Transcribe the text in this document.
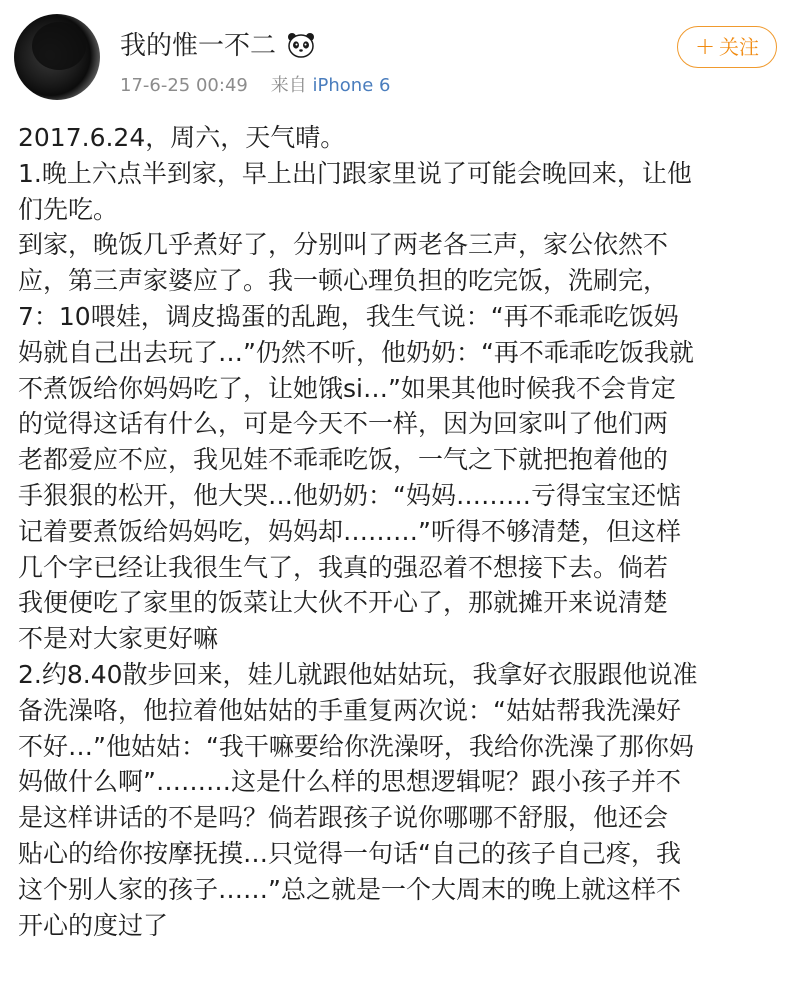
我的惟一不二
17-6-25 00:49 来自 iPhone 6
+ 关注
2017.6.24，周六，天气晴。
1.晚上六点半到家，早上出门跟家里说了可能会晚回来，让他
们先吃。
到家，晚饭几乎煮好了，分别叫了两老各三声，家公依然不
应，第三声家婆应了。我一顿心理负担的吃完饭，洗刷完，
7：10喂娃，调皮捣蛋的乱跑，我生气说：“再不乖乖吃饭妈
妈就自己出去玩了…”仍然不听，他奶奶：“再不乖乖吃饭我就
不煮饭给你妈妈吃了，让她饿si…”如果其他时候我不会肯定
的觉得这话有什么，可是今天不一样，因为回家叫了他们两
老都爱应不应，我见娃不乖乖吃饭，一气之下就把抱着他的
手狠狠的松开，他大哭…他奶奶：“妈妈………亏得宝宝还惦
记着要煮饭给妈妈吃，妈妈却………”听得不够清楚，但这样
几个字已经让我很生气了，我真的强忍着不想接下去。倘若
我便便吃了家里的饭菜让大伙不开心了，那就摊开来说清楚
不是对大家更好嘛
2.约8.40散步回来，娃儿就跟他姑姑玩，我拿好衣服跟他说准
备洗澡咯，他拉着他姑姑的手重复两次说：“姑姑帮我洗澡好
不好…”他姑姑：“我干嘛要给你洗澡呀，我给你洗澡了那你妈
妈做什么啊”………这是什么样的思想逻辑呢？跟小孩子并不
是这样讲话的不是吗？倘若跟孩子说你哪哪不舒服，他还会
贴心的给你按摩抚摸…只觉得一句话“自己的孩子自己疼，我
这个别人家的孩子……”总之就是一个大周末的晚上就这样不
开心的度过了
